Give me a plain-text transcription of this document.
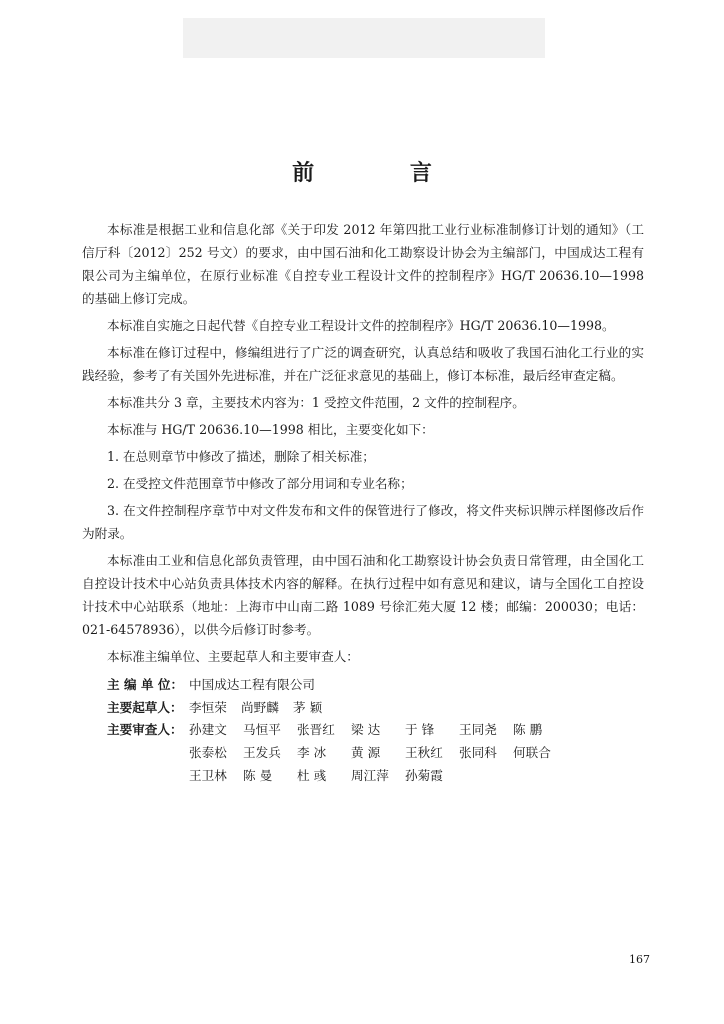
前 言

本标准是根据工业和信息化部《关于印发 2012 年第四批工业行业标准制修订计划的通知》（工信厅科〔2012〕252 号文）的要求，由中国石油和化工勘察设计协会为主编部门，中国成达工程有限公司为主编单位，在原行业标准《自控专业工程设计文件的控制程序》HG/T 20636.10—1998 的基础上修订完成。

本标准自实施之日起代替《自控专业工程设计文件的控制程序》HG/T 20636.10—1998。

本标准在修订过程中，修编组进行了广泛的调查研究，认真总结和吸收了我国石油化工行业的实践经验，参考了有关国外先进标准，并在广泛征求意见的基础上，修订本标准，最后经审查定稿。

本标准共分 3 章，主要技术内容为：1 受控文件范围，2 文件的控制程序。

本标准与 HG/T 20636.10—1998 相比，主要变化如下：

1. 在总则章节中修改了描述，删除了相关标准；

2. 在受控文件范围章节中修改了部分用词和专业名称；

3. 在文件控制程序章节中对文件发布和文件的保管进行了修改，将文件夹标识牌示样图修改后作为附录。

本标准由工业和信息化部负责管理，由中国石油和化工勘察设计协会负责日常管理，由全国化工自控设计技术中心站负责具体技术内容的解释。在执行过程中如有意见和建议，请与全国化工自控设计技术中心站联系（地址：上海市中山南二路 1089 号徐汇苑大厦 12 楼；邮编：200030；电话：021-64578936），以供今后修订时参考。

本标准主编单位、主要起草人和主要审查人：

主 编 单 位： 中国成达工程有限公司
主要起草人： 李恒荣	尚野麟	茅 颖
主要审查人： 孙建文	马恒平	张晋红	梁 达	于 锋	王同尧	陈 鹏
张泰松	王发兵	李 冰	黄 源	王秋红	张同科	何联合
王卫林	陈 曼	杜 彧	周江萍	孙菊霞
167
